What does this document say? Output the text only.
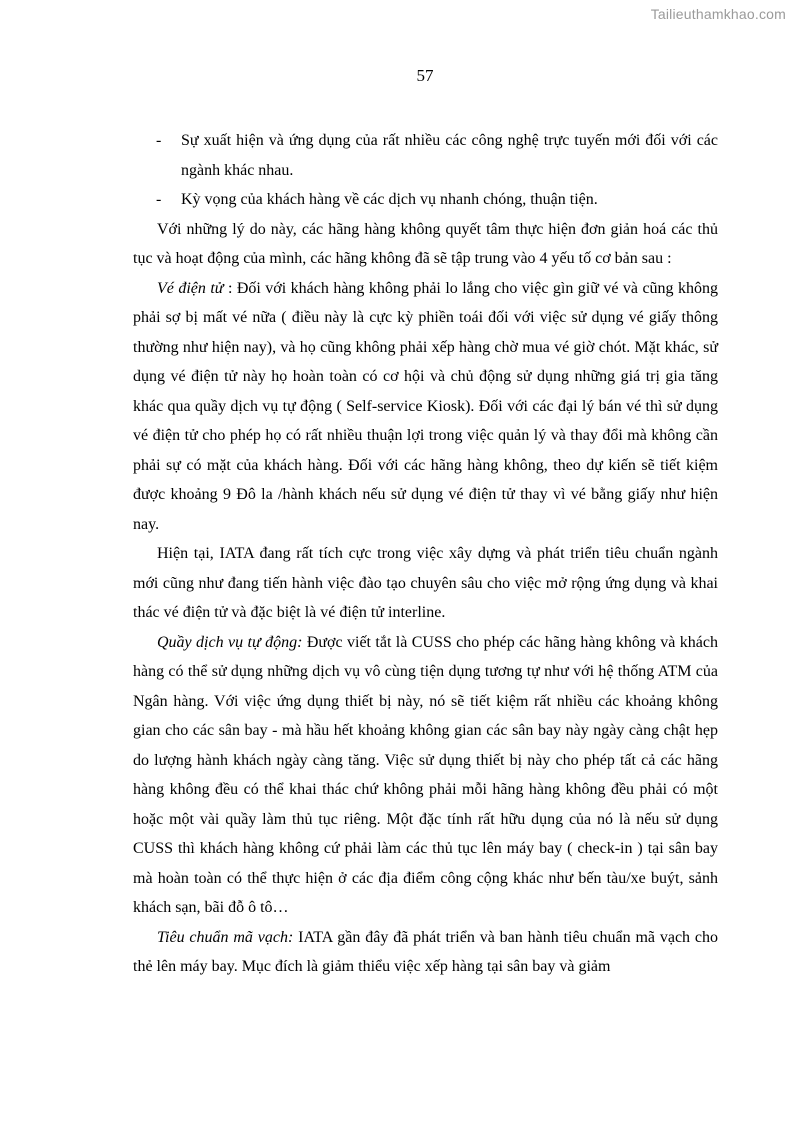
Tailieuthamkhao.com
57
- Sự xuất hiện và ứng dụng của rất nhiều các công nghệ trực tuyến mới đối với các ngành khác nhau.
- Kỳ vọng của khách hàng về các dịch vụ nhanh chóng, thuận tiện.

Với những lý do này, các hãng hàng không quyết tâm thực hiện đơn giản hoá các thủ tục và hoạt động của mình, các hãng không đã sẽ tập trung vào 4 yếu tố cơ bản sau :

Vé điện tử : Đối với khách hàng không phải lo lắng cho việc gìn giữ vé và cũng không phải sợ bị mất vé nữa ( điều này là cực kỳ phiền toái đối với việc sử dụng vé giấy thông thường như hiện nay), và họ cũng không phải xếp hàng chờ mua vé giờ chót. Mặt khác, sử dụng vé điện tử này họ hoàn toàn có cơ hội và chủ động sử dụng những giá trị gia tăng khác qua quầy dịch vụ tự động ( Self-service Kiosk). Đối với các đại lý bán vé thì sử dụng vé điện tử cho phép họ có rất nhiều thuận lợi trong việc quản lý và thay đổi mà không cần phải sự có mặt của khách hàng. Đối với các hãng hàng không, theo dự kiến sẽ tiết kiệm được khoảng 9 Đô la /hành khách nếu sử dụng vé điện tử thay vì vé bằng giấy như hiện nay.

Hiện tại, IATA đang rất tích cực trong việc xây dựng và phát triển tiêu chuẩn ngành mới cũng như đang tiến hành việc đào tạo chuyên sâu cho việc mở rộng ứng dụng và khai thác vé điện tử và đặc biệt là vé điện tử interline.

Quầy dịch vụ tự động: Được viết tắt là CUSS cho phép các hãng hàng không và khách hàng có thể sử dụng những dịch vụ vô cùng tiện dụng tương tự như với hệ thống ATM của Ngân hàng. Với việc ứng dụng thiết bị này, nó sẽ tiết kiệm rất nhiều các khoảng không gian cho các sân bay - mà hầu hết khoảng không gian các sân bay này ngày càng chật hẹp do lượng hành khách ngày càng tăng. Việc sử dụng thiết bị này cho phép tất cả các hãng hàng không đều có thể khai thác chứ không phải mỗi hãng hàng không đều phải có một hoặc một vài quầy làm thủ tục riêng. Một đặc tính rất hữu dụng của nó là nếu sử dụng CUSS thì khách hàng không cứ phải làm các thủ tục lên máy bay ( check-in ) tại sân bay mà hoàn toàn có thể thực hiện ở các địa điểm công cộng khác như bến tàu/xe buýt, sảnh khách sạn, bãi đỗ ô tô…

Tiêu chuẩn mã vạch: IATA gần đây đã phát triển và ban hành tiêu chuẩn mã vạch cho thẻ lên máy bay. Mục đích là giảm thiểu việc xếp hàng tại sân bay và giảm
